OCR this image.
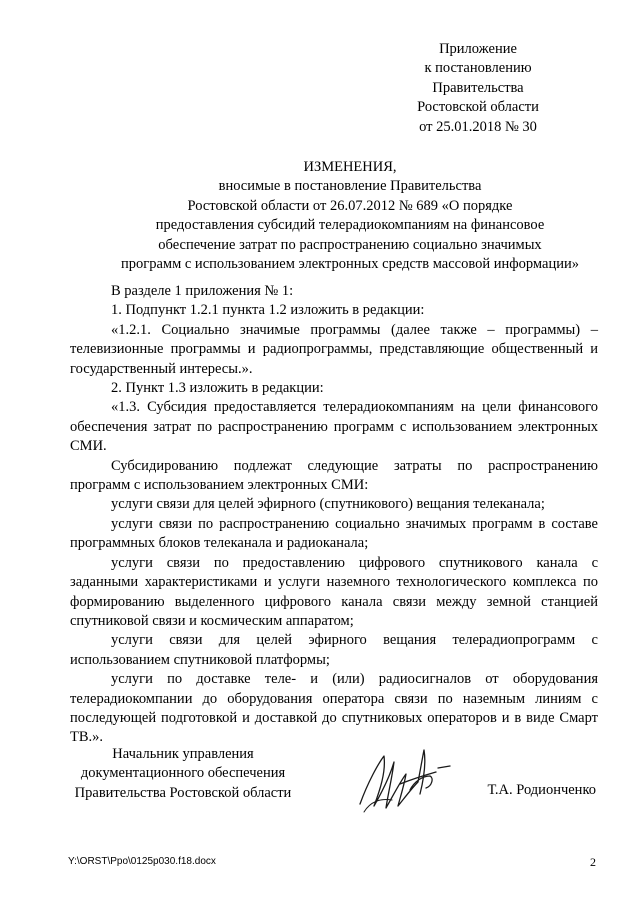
Приложение
к постановлению
Правительства
Ростовской области
от 25.01.2018 № 30
ИЗМЕНЕНИЯ,
вносимые в постановление Правительства
Ростовской области от 26.07.2012 № 689 «О порядке
предоставления субсидий телерадиокомпаниям на финансовое
обеспечение затрат по распространению социально значимых
программ с использованием электронных средств массовой информации»

В разделе 1 приложения № 1:

1. Подпункт 1.2.1 пункта 1.2 изложить в редакции:

«1.2.1. Социально значимые программы (далее также – программы) – телевизионные программы и радиопрограммы, представляющие общественный и государственный интересы.».

2. Пункт 1.3 изложить в редакции:

«1.3. Субсидия предоставляется телерадиокомпаниям на цели финансового обеспечения затрат по распространению программ с использованием электронных СМИ.

Субсидированию подлежат следующие затраты по распространению программ с использованием электронных СМИ:

услуги связи для целей эфирного (спутникового) вещания телеканала;

услуги связи по распространению социально значимых программ в составе программных блоков телеканала и радиоканала;

услуги связи по предоставлению цифрового спутникового канала с заданными характеристиками и услуги наземного технологического комплекса по формированию выделенного цифрового канала связи между земной станцией спутниковой связи и космическим аппаратом;

услуги связи для целей эфирного вещания телерадиопрограмм с использованием спутниковой платформы;

услуги по доставке теле- и (или) радиосигналов от оборудования телерадиокомпании до оборудования оператора связи по наземным линиям с последующей подготовкой и доставкой до спутниковых операторов и в виде Смарт ТВ.».

Начальник управления
документационного обеспечения
Правительства Ростовской области	Т.А. Родионченко
Y:\ORST\Ppo\0125p030.f18.docx	2
